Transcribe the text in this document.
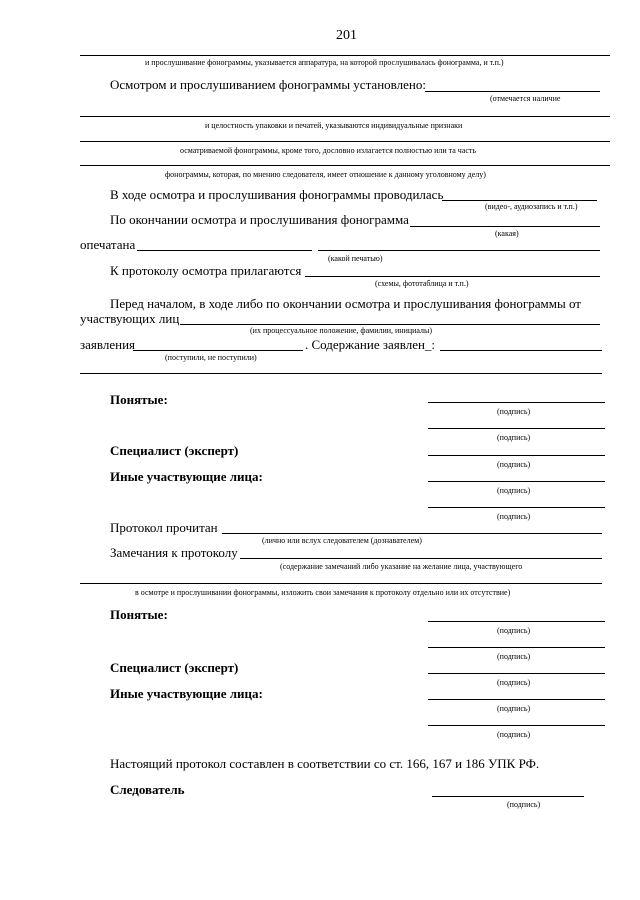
201
и прослушивание фонограммы, указывается аппаратура, на которой прослушивалась фонограмма, и т.п.)
Осмотром и прослушиванием фонограммы установлено:
(отмечается наличие
и целостность упаковки и печатей, указываются индивидуальные признаки
осматриваемой фонограммы, кроме того, дословно излагается полностью или та часть
фонограммы, которая, по мнению следователя, имеет отношение к данному уголовному делу)
В ходе осмотра и прослушивания фонограммы проводилась
(видео-, аудиозапись и т.п.)
По окончании осмотра и прослушивания фонограмма
(какая)
опечатана
(какой печатью)
К протоколу осмотра прилагаются
(схемы, фототаблица и т.п.)
Перед началом, в ходе либо по окончании осмотра и прослушивания фонограммы от
участвующих лиц
(их процессуальное положение, фамилии, инициалы)
заявления	. Содержание заявлен_:
(поступили, не поступили)
Понятые:
(подпись)
(подпись)
Специалист (эксперт)
(подпись)
Иные участвующие лица:
(подпись)
(подпись)
Протокол прочитан
(лично или вслух следователем (дознавателем)
Замечания к протоколу
(содержание замечаний либо указание на желание лица, участвующего
в осмотре и прослушивании фонограммы, изложить свои замечания к протоколу отдельно или их отсутствие)
Понятые:
(подпись)
(подпись)
Специалист (эксперт)
(подпись)
Иные участвующие лица:
(подпись)
(подпись)
Настоящий протокол составлен в соответствии со ст. 166, 167 и 186 УПК РФ.
Следователь
(подпись)
